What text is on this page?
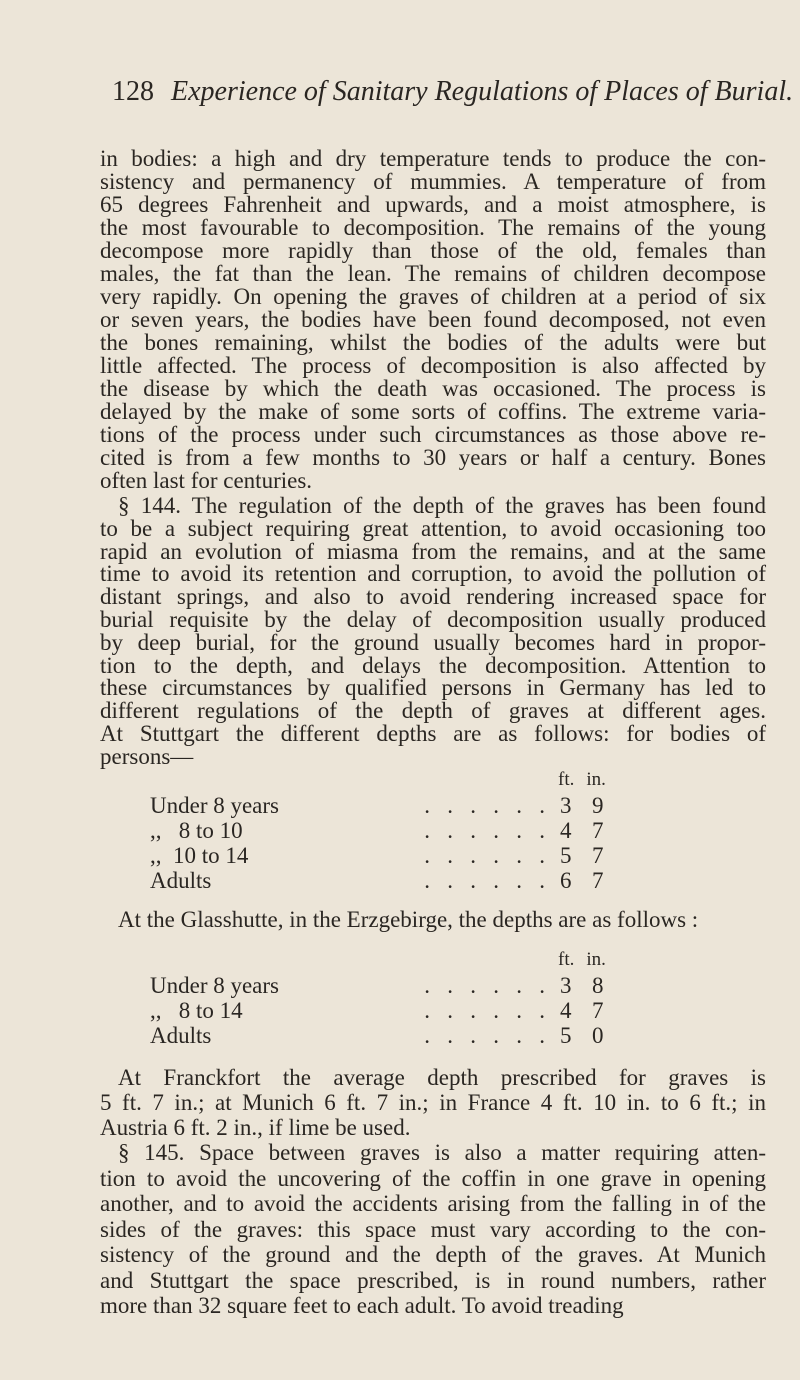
128 Experience of Sanitary Regulations of Places of Burial.
in bodies: a high and dry temperature tends to produce the con-
sistency and permanency of mummies. A temperature of from
65 degrees Fahrenheit and upwards, and a moist atmosphere, is
the most favourable to decomposition. The remains of the young
decompose more rapidly than those of the old, females than
males, the fat than the lean. The remains of children decompose
very rapidly. On opening the graves of children at a period of six
or seven years, the bodies have been found decomposed, not even
the bones remaining, whilst the bodies of the adults were but
little affected. The process of decomposition is also affected by
the disease by which the death was occasioned. The process is
delayed by the make of some sorts of coffins. The extreme varia-
tions of the process under such circumstances as those above re-
cited is from a few months to 30 years or half a century. Bones
often last for centuries.
§ 144. The regulation of the depth of the graves has been found
to be a subject requiring great attention, to avoid occasioning too
rapid an evolution of miasma from the remains, and at the same
time to avoid its retention and corruption, to avoid the pollution of
distant springs, and also to avoid rendering increased space for
burial requisite by the delay of decomposition usually produced
by deep burial, for the ground usually becomes hard in propor-
tion to the depth, and delays the decomposition. Attention to
these circumstances by qualified persons in Germany has led to
different regulations of the depth of graves at different ages.
At Stuttgart the different depths are as follows: for bodies of
persons—
At Franckfort the average depth prescribed for graves is
5 ft. 7 in.; at Munich 6 ft. 7 in.; in France 4 ft. 10 in. to 6 ft.; in
Austria 6 ft. 2 in., if lime be used.
§ 145. Space between graves is also a matter requiring atten-
tion to avoid the uncovering of the coffin in one grave in opening
another, and to avoid the accidents arising from the falling in of the
sides of the graves: this space must vary according to the con-
sistency of the ground and the depth of the graves. At Munich
and Stuttgart the space prescribed, is in round numbers, rather
more than 32 square feet to each adult. To avoid treading
At the Glasshutte, in the Erzgebirge, the depths are as follows :
ft. in.
Under 8 years	3 9
.   .   .   .   .   .
,,   8 to 10	4 7
.   .   .   .   .   .
,,  10 to 14	5 7
.   .   .   .   .   .
Adults	6 7
.   .   .   .   .   .
ft. in.
Under 8 years	3 8
.   .   .   .   .   .
,,   8 to 14	4 7
.   .   .   .   .   .
Adults	5 0
.   .   .   .   .   .
